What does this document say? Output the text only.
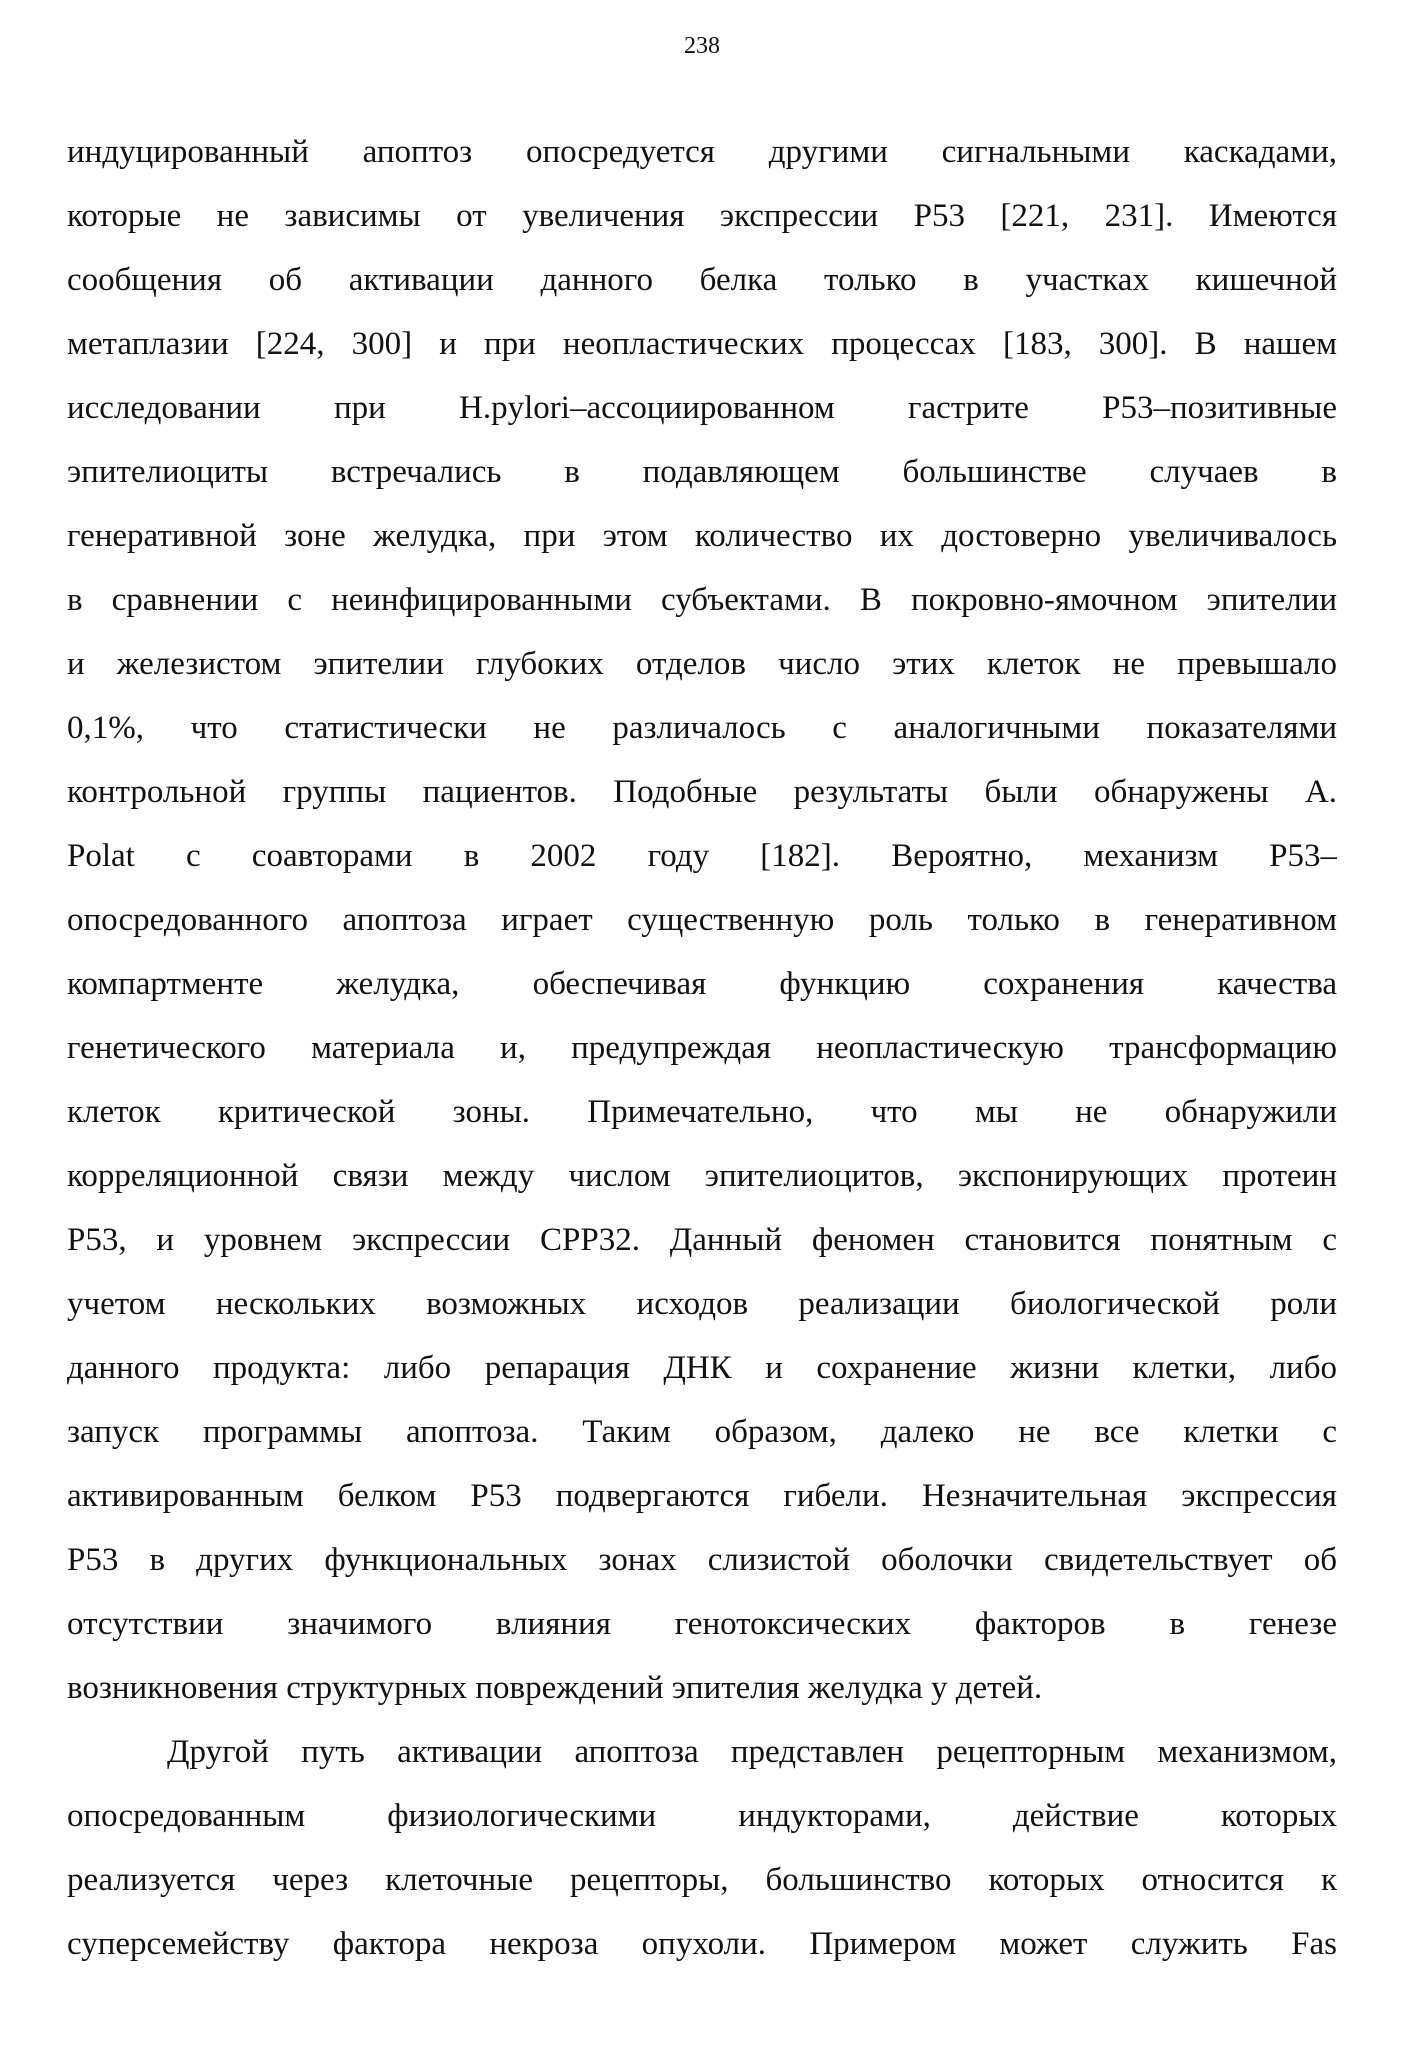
238
индуцированный апоптоз опосредуется другими сигнальными каскадами,
которые не зависимы от увеличения экспрессии Р53 [221, 231]. Имеются
сообщения об активации данного белка только в участках кишечной
метаплазии [224, 300] и при неопластических процессах [183, 300]. В нашем
исследовании при H.pylori–ассоциированном гастрите Р53–позитивные
эпителиоциты встречались в подавляющем большинстве случаев в
генеративной зоне желудка, при этом количество их достоверно увеличивалось
в сравнении с неинфицированными субъектами. В покровно-ямочном эпителии
и железистом эпителии глубоких отделов число этих клеток не превышало
0,1%, что статистически не различалось с аналогичными показателями
контрольной группы пациентов. Подобные результаты были обнаружены А.
Polat с соавторами в 2002 году [182]. Вероятно, механизм Р53–
опосредованного апоптоза играет существенную роль только в генеративном
компартменте желудка, обеспечивая функцию сохранения качества
генетического материала и, предупреждая неопластическую трансформацию
клеток критической зоны. Примечательно, что мы не обнаружили
корреляционной связи между числом эпителиоцитов, экспонирующих протеин
Р53, и уровнем экспрессии СРР32. Данный феномен становится понятным с
учетом нескольких возможных исходов реализации биологической роли
данного продукта: либо репарация ДНК и сохранение жизни клетки, либо
запуск программы апоптоза. Таким образом, далеко не все клетки с
активированным белком Р53 подвергаются гибели. Незначительная экспрессия
Р53 в других функциональных зонах слизистой оболочки свидетельствует об
отсутствии значимого влияния генотоксических факторов в генезе
возникновения структурных повреждений эпителия желудка у детей.
Другой путь активации апоптоза представлен рецепторным механизмом,
опосредованным физиологическими индукторами, действие которых
реализуется через клеточные рецепторы, большинство которых относится к
суперсемейству фактора некроза опухоли. Примером может служить Fas
